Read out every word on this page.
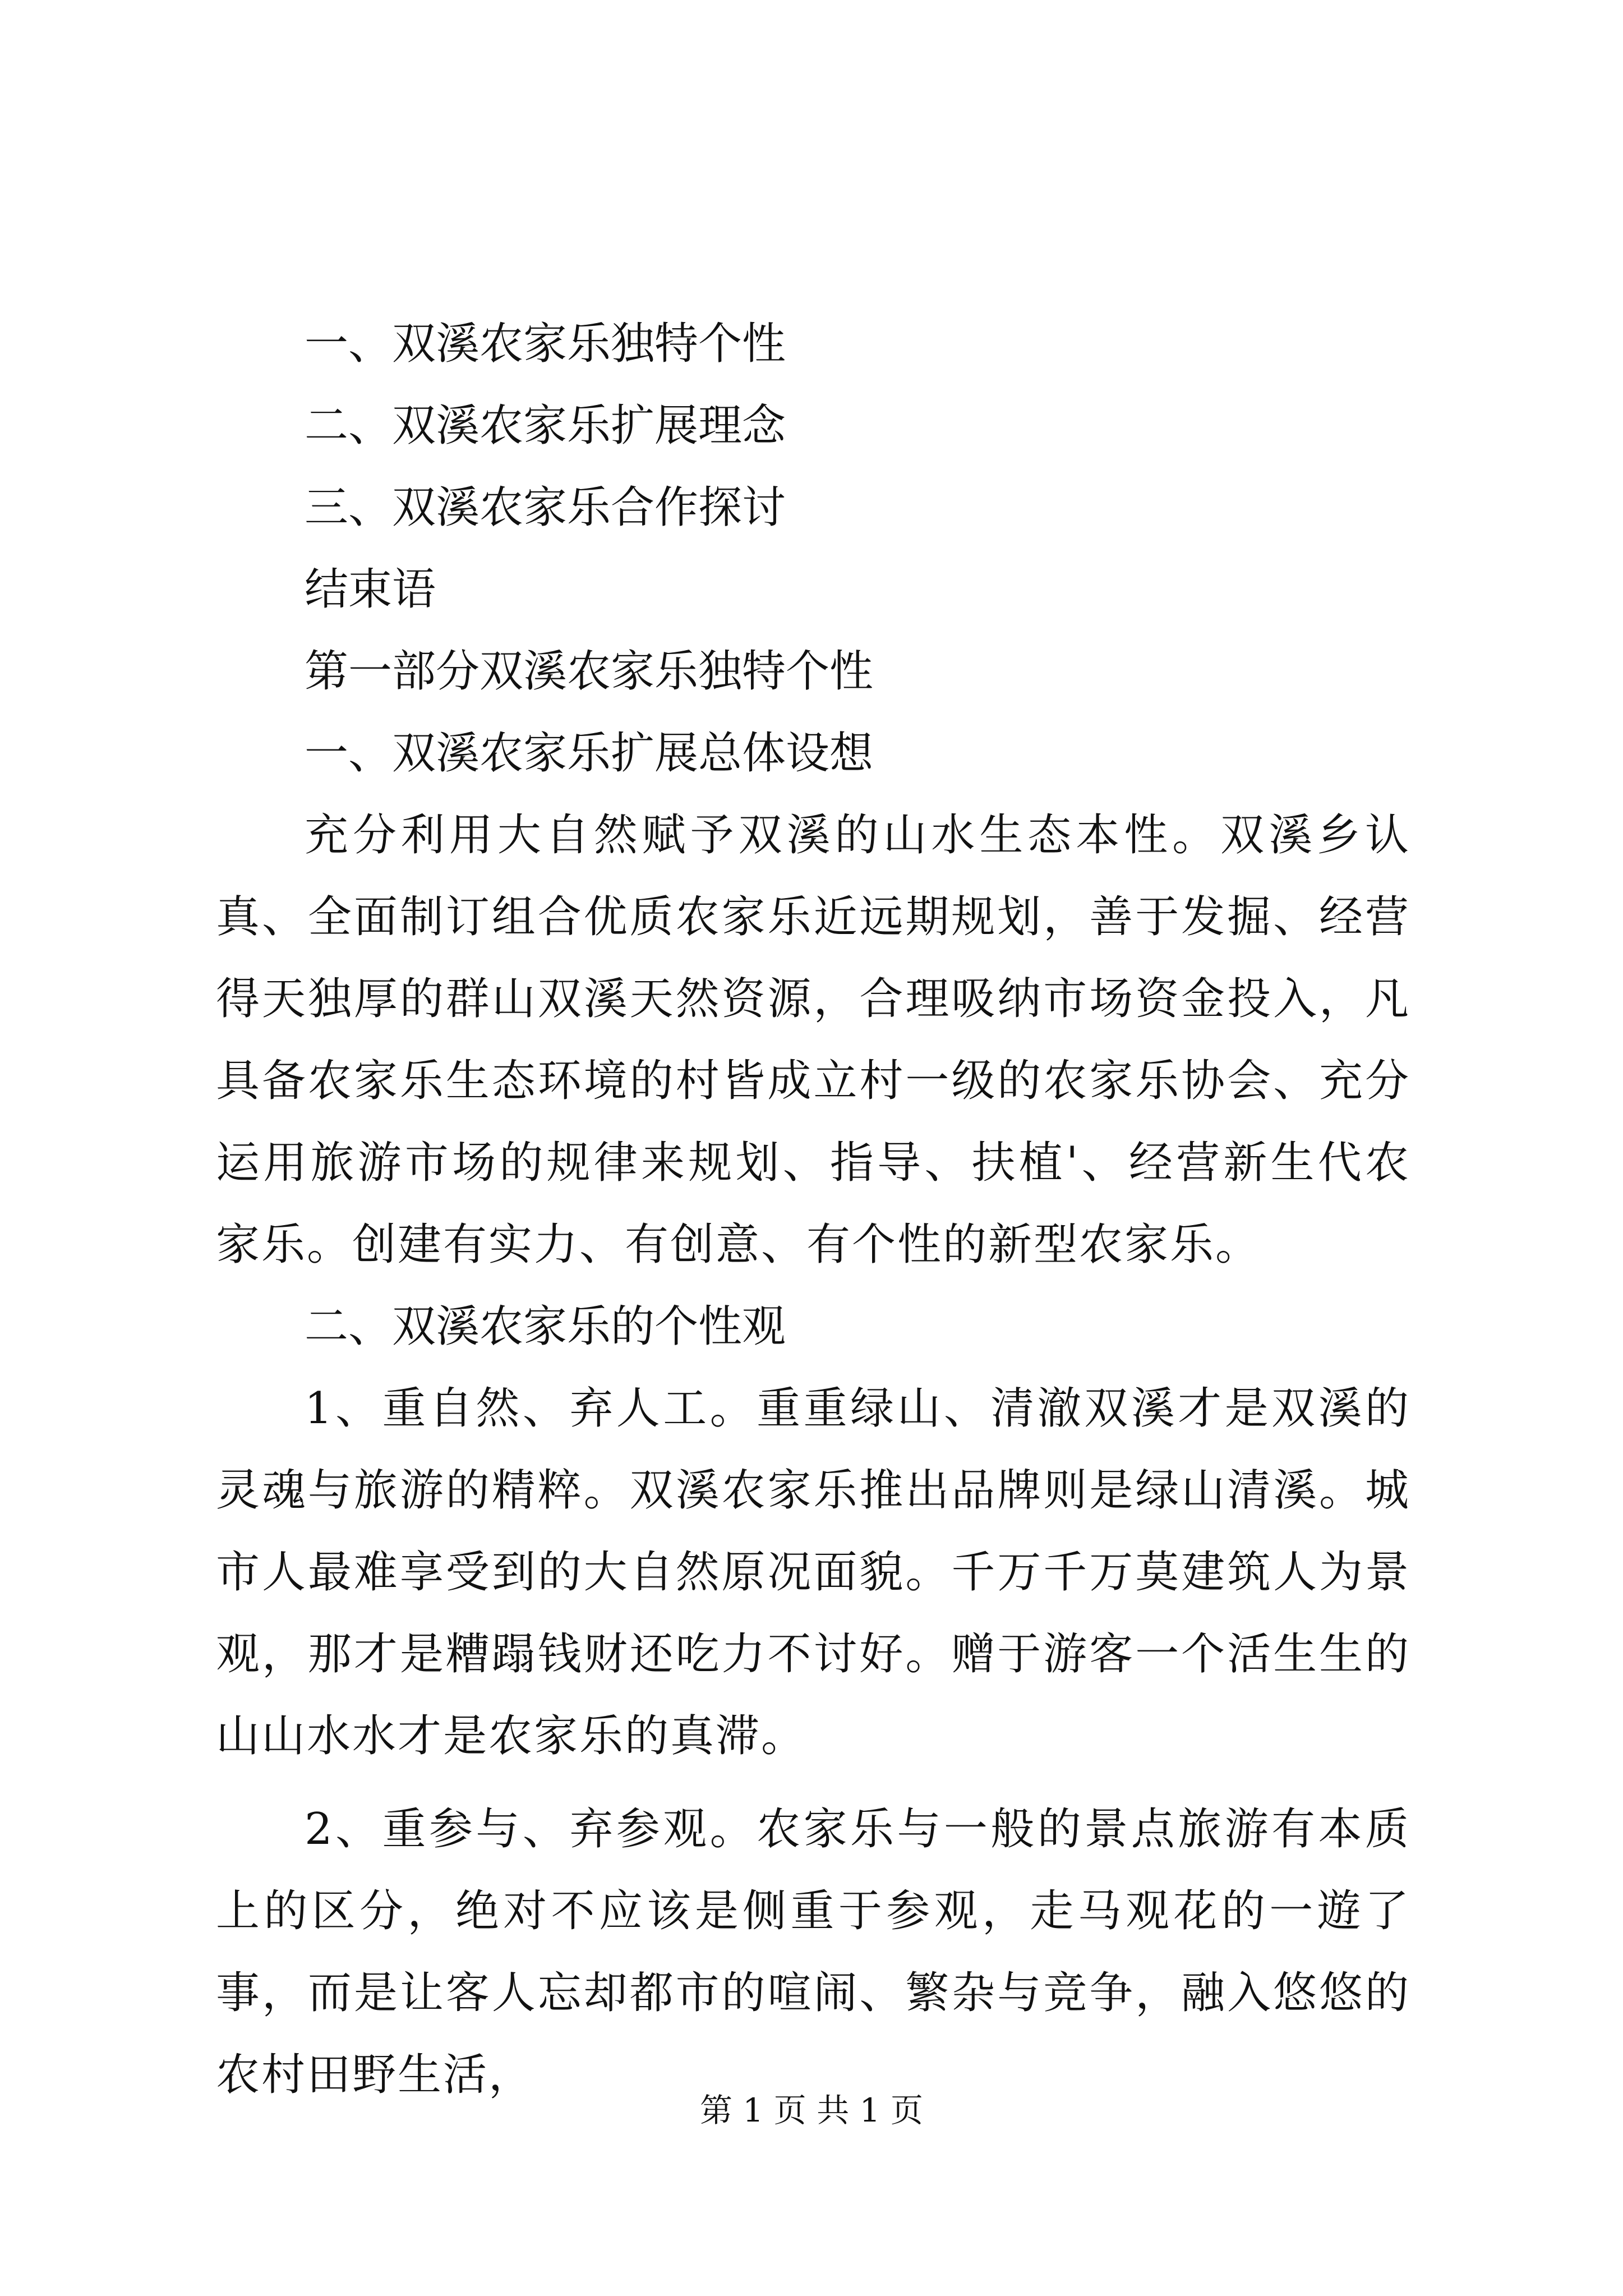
一、双溪农家乐独特个性

二、双溪农家乐扩展理念

三、双溪农家乐合作探讨

结束语

第一部分双溪农家乐独特个性

一、双溪农家乐扩展总体设想

充分利用大自然赋予双溪的山水生态本性。双溪乡认真、全面制订组合优质农家乐近远期规划，善于发掘、经营得天独厚的群山双溪天然资源，合理吸纳市场资金投入，凡具备农家乐生态环境的村皆成立村一级的农家乐协会、充分运用旅游市场的规律来规划、指导、扶植'、经营新生代农家乐。创建有实力、有创意、有个性的新型农家乐。

二、双溪农家乐的个性观

1、重自然、弃人工。重重绿山、清澈双溪才是双溪的灵魂与旅游的精粹。双溪农家乐推出品牌则是绿山清溪。城市人最难享受到的大自然原况面貌。千万千万莫建筑人为景观，那才是糟蹋钱财还吃力不讨好。赠于游客一个活生生的山山水水才是农家乐的真滞。

2、重参与、弃参观。农家乐与一般的景点旅游有本质上的区分，绝对不应该是侧重于参观，走马观花的一遊了事，而是让客人忘却都市的喧闹、繁杂与竞争，融入悠悠的农村田野生活，

第 1 页 共 1 页
